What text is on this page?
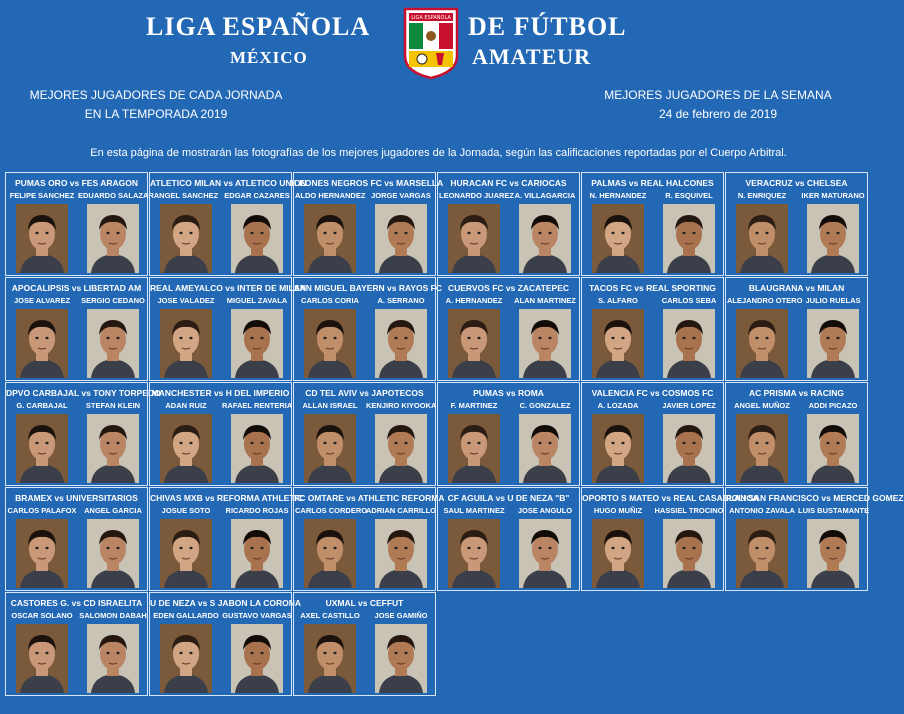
LIGA ESPAÑOLA	DE FÚTBOL
MÉXICO	AMATEUR
LIGA ESPAÑOLA
MEJORES JUGADORES DE CADA JORNADA
EN LA TEMPORADA 2019
MEJORES JUGADORES DE LA SEMANA
24 de febrero de 2019
En esta página de mostrarán las fotografías de los mejores jugadores de la Jornada, según las calificaciones reportadas por el Cuerpo Arbitral.
PUMAS ORO vs FES ARAGON
FELIPE SANCHEZ EDUARDO SALAZAR
ATLETICO MILAN vs ATLETICO UNION
ANGEL SANCHEZ EDGAR CAZARES
LEONES NEGROS FC vs MARSELLA
ALDO HERNANDEZ JORGE VARGAS
HURACAN FC vs CARIOCAS
LEONARDO JUAREZ A. VILLAGARCIA
PALMAS vs REAL HALCONES
N. HERNANDEZ	R. ESQUIVEL
VERACRUZ vs CHELSEA
N. ENRIQUEZ	IKER MATURANO
APOCALIPSIS vs LIBERTAD AM
JOSE ALVAREZ	SERGIO CEDANO
REAL AMEYALCO vs INTER DE MILAN
JOSE VALADEZ	MIGUEL ZAVALA
SAN MIGUEL BAYERN vs RAYOS FC
CARLOS CORIA	A. SERRANO
CUERVOS FC vs ZACATEPEC
A. HERNANDEZ	ALAN MARTINEZ
TACOS FC vs REAL SPORTING
S. ALFARO	CARLOS SEBA
BLAUGRANA vs MILAN
ALEJANDRO OTERO JULIO RUELAS
DPVO CARBAJAL vs TONY TORPEDO
G. CARBAJAL	STEFAN KLEIN
MANCHESTER vs H DEL IMPERIO
ADAN RUIZ	RAFAEL RENTERIA
CD TEL AVIV vs JAPOTECOS
ALLAN ISRAEL	KENJIRO KIYOOKA
PUMAS vs ROMA
F. MARTINEZ	C. GONZALEZ
VALENCIA FC vs COSMOS FC
A. LOZADA	JAVIER LOPEZ
AC PRISMA vs RACING
ANGEL MUÑOZ	ADDI PICAZO
BRAMEX vs UNIVERSITARIOS
CARLOS PALAFOX	ANGEL GARCIA
CHIVAS MXB vs REFORMA ATHLETIC
JOSUE SOTO	RICARDO ROJAS
FC OMTARE vs ATHLETIC REFORMA
CARLOS CORDERO
ADRIAN CARRILLO
CF AGUILA vs U DE NEZA "B"
SAUL MARTINEZ	JOSE ANGULO
OPORTO S MATEO vs REAL CASABLANCA
HUGO MUÑIZ	HASSIEL TROCINO
POLI SAN FRANCISCO vs MERCED GOMEZ
ANTONIO ZAVALA LUIS BUSTAMANTE
CASTORES G. vs CD ISRAELITA
OSCAR SOLANO SALOMON DABAH
U DE NEZA vs S JABON LA CORONA
EDEN GALLARDO GUSTAVO VARGAS
UXMAL vs CEFFUT
AXEL CASTILLO	JOSE GAMIÑO
